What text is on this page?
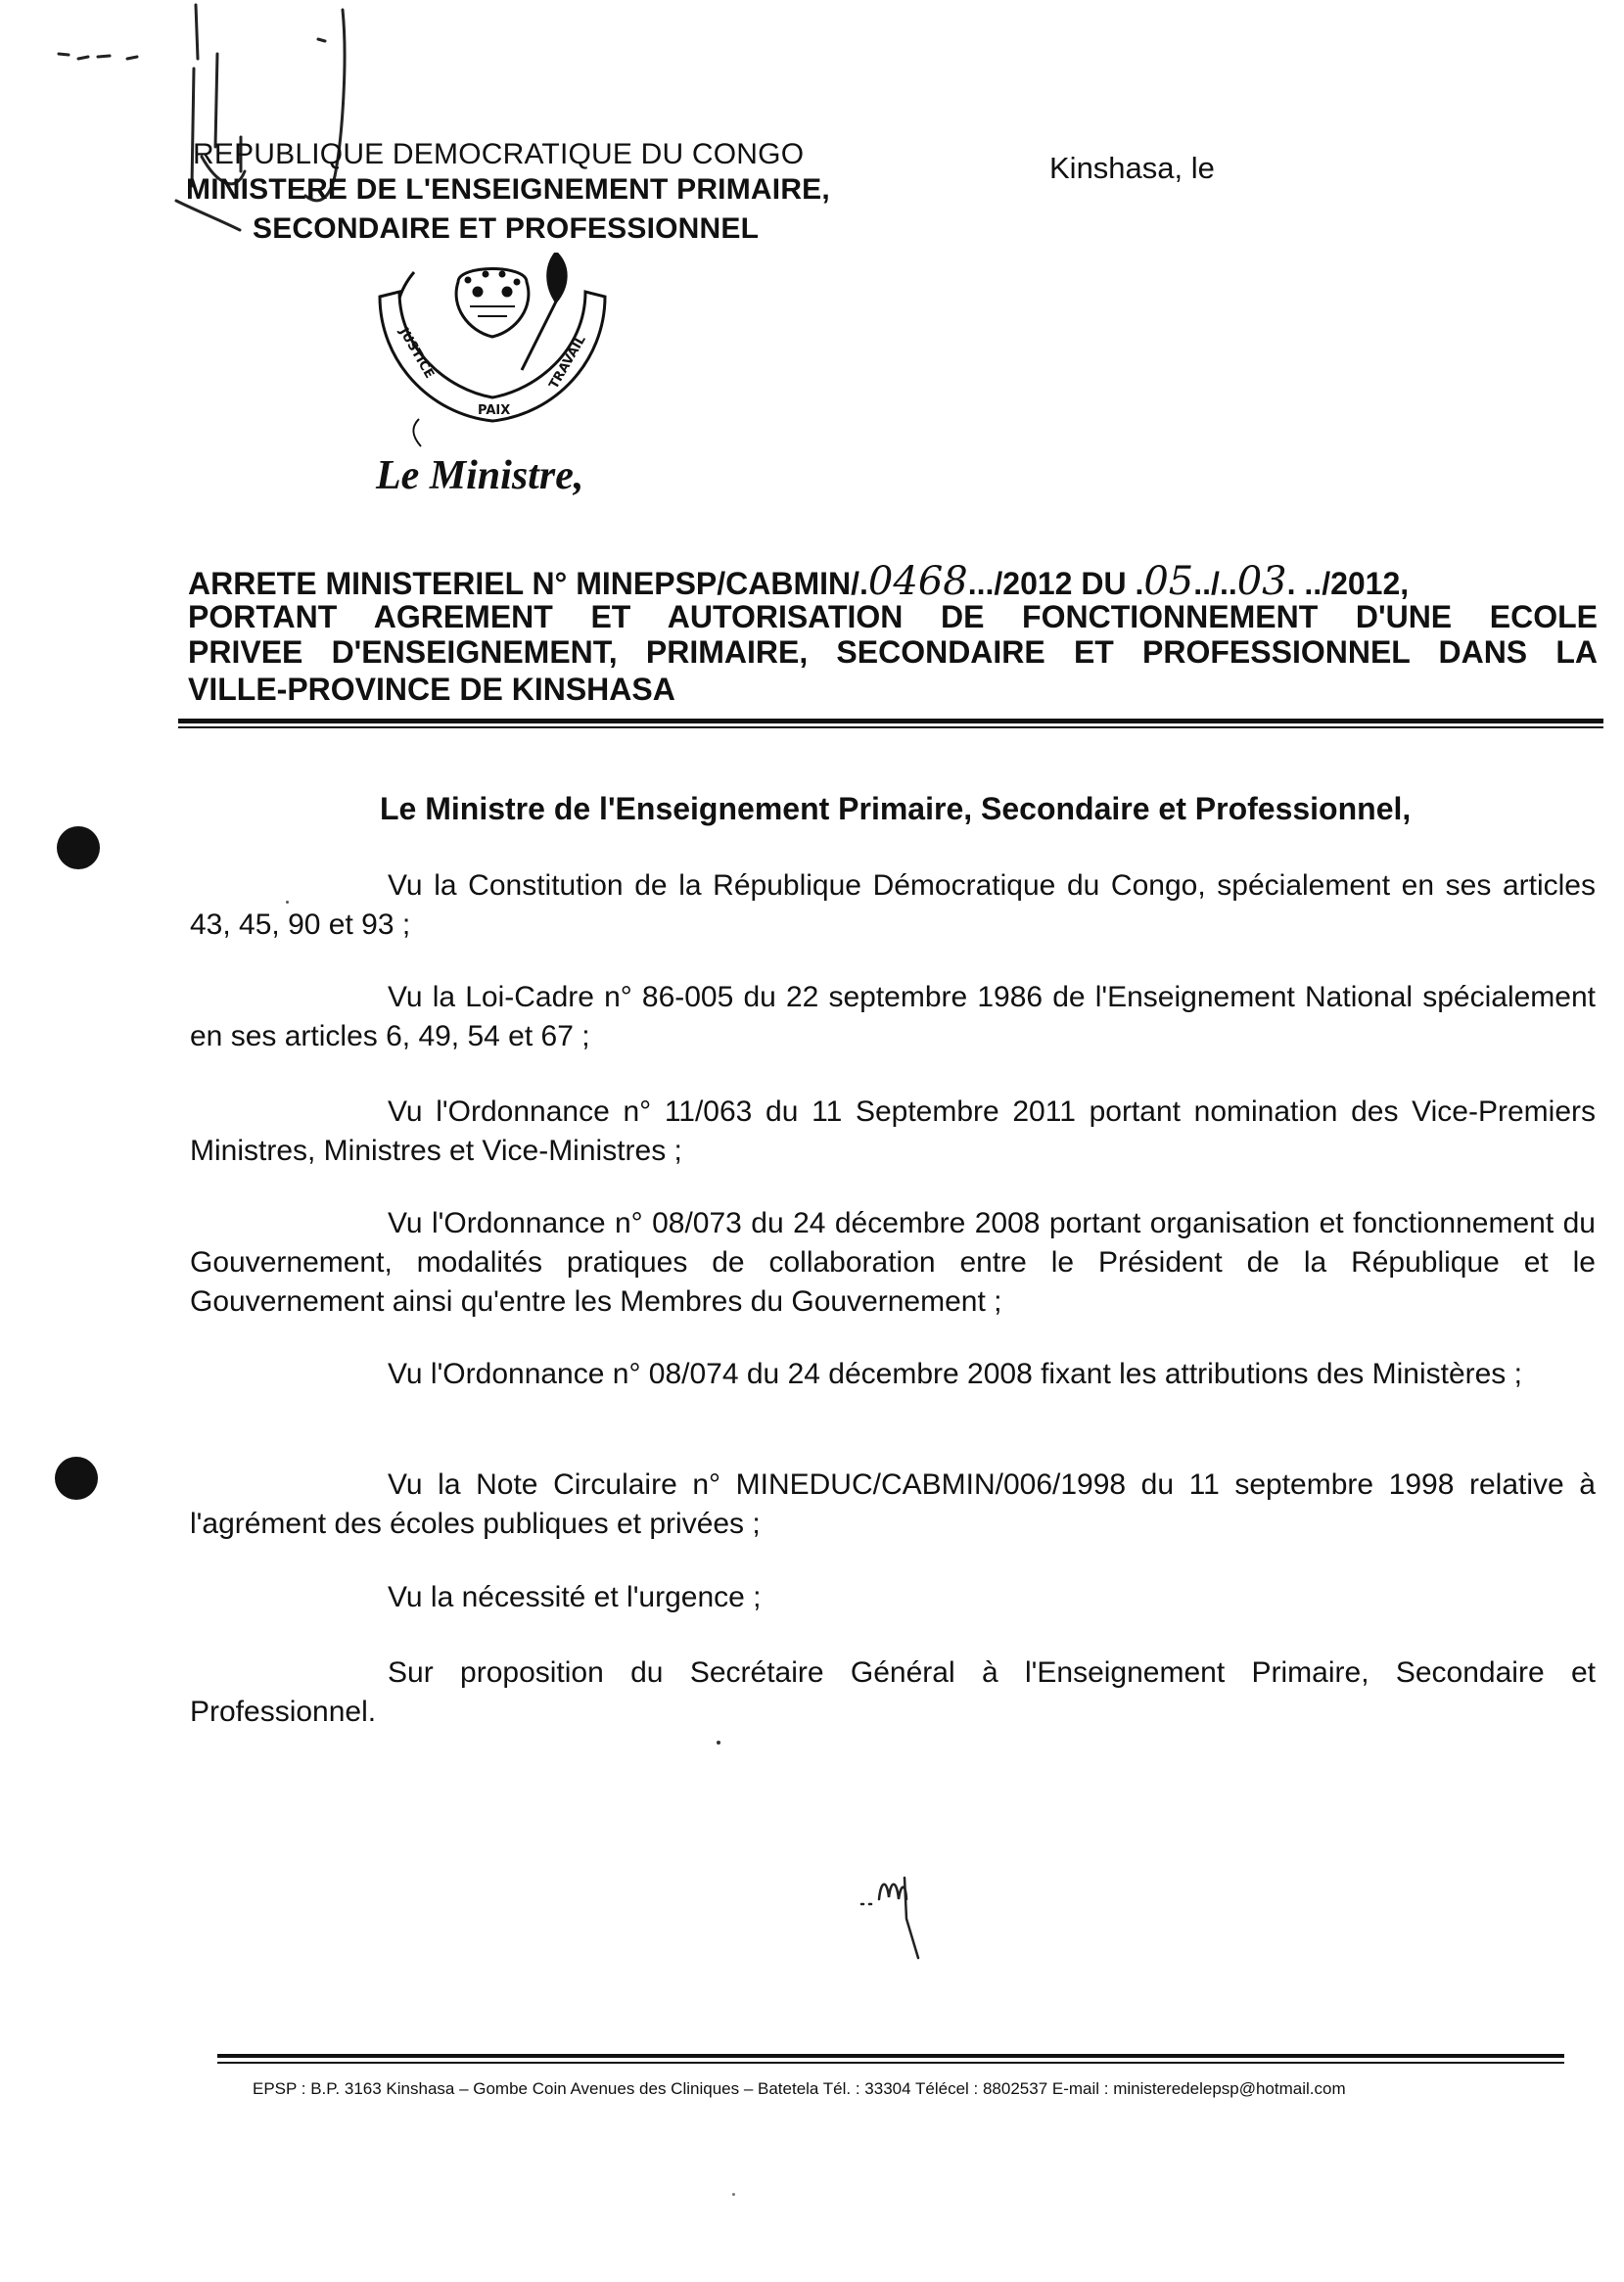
REPUBLIQUE DEMOCRATIQUE DU CONGO
MINISTERE DE L'ENSEIGNEMENT PRIMAIRE,
SECONDAIRE ET PROFESSIONNEL
Kinshasa, le
JUSTICE
PAIX
TRAVAIL
Le Ministre,
ARRETE MINISTERIEL N° MINEPSP/CABMIN/.0468.../2012 DU .05../..03. ../2012,
PORTANT AGREMENT ET AUTORISATION DE FONCTIONNEMENT D'UNE ECOLE
PRIVEE D'ENSEIGNEMENT, PRIMAIRE, SECONDAIRE ET PROFESSIONNEL DANS LA
VILLE-PROVINCE DE KINSHASA
Le Ministre de l'Enseignement Primaire, Secondaire et Professionnel,
Vu la Constitution de la République Démocratique du Congo, spécialement en ses articles 43, 45, 90 et 93 ;
Vu la Loi-Cadre n° 86-005 du 22 septembre 1986 de l'Enseignement National spécialement en ses articles 6, 49, 54 et 67 ;
Vu l'Ordonnance n° 11/063 du 11 Septembre 2011 portant nomination des Vice-Premiers Ministres, Ministres et Vice-Ministres ;
Vu l'Ordonnance n° 08/073 du 24 décembre 2008 portant organisation et fonctionnement du Gouvernement, modalités pratiques de collaboration entre le Président de la République et le Gouvernement ainsi qu'entre les Membres du Gouvernement ;
Vu l'Ordonnance n° 08/074 du 24 décembre 2008 fixant les attributions des Ministères ;
Vu la Note Circulaire n° MINEDUC/CABMIN/006/1998 du 11 septembre 1998 relative à l'agrément des écoles publiques et privées ;
Vu la nécessité et l'urgence ;
Sur proposition du Secrétaire Général à l'Enseignement Primaire, Secondaire et Professionnel.
EPSP : B.P. 3163 Kinshasa – Gombe Coin Avenues des Cliniques – Batetela Tél. : 33304 Télécel : 8802537 E-mail : ministeredelepsp@hotmail.com
